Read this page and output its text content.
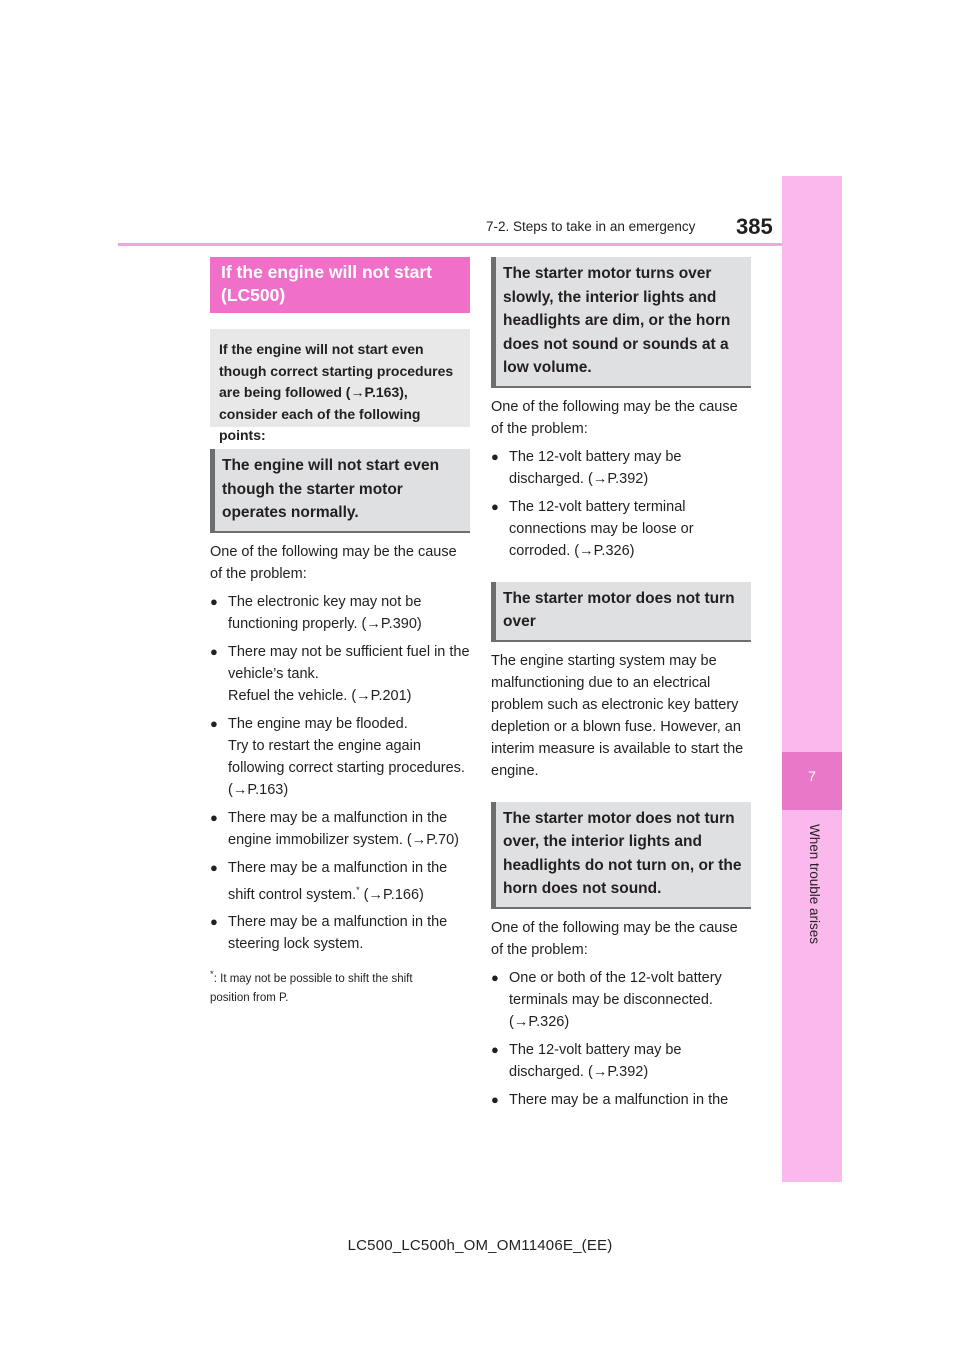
7
When trouble arises
7-2. Steps to take in an emergency 385
If the engine will not start (LC500)
If the engine will not start even though correct starting procedures are being followed (→P.163), consider each of the following points:
The engine will not start even though the starter motor operates normally.
One of the following may be the cause of the problem:
● The electronic key may not be functioning properly. (→P.390)
● There may not be sufficient fuel in the vehicle’s tank.
Refuel the vehicle. (→P.201)
● The engine may be flooded.
Try to restart the engine again following correct starting procedures. (→P.163)
● There may be a malfunction in the engine immobilizer system. (→P.70)
● There may be a malfunction in the shift control system.* (→P.166)
● There may be a malfunction in the steering lock system.
*: It may not be possible to shift the shift
position from P.
The starter motor turns over slowly, the interior lights and headlights are dim, or the horn does not sound or sounds at a low volume.
One of the following may be the cause of the problem:
● The 12-volt battery may be discharged. (→P.392)
● The 12-volt battery terminal connections may be loose or corroded. (→P.326)
The starter motor does not turn over
The engine starting system may be malfunctioning due to an electrical problem such as electronic key battery depletion or a blown fuse. However, an interim measure is available to start the engine.
The starter motor does not turn over, the interior lights and headlights do not turn on, or the horn does not sound.
One of the following may be the cause of the problem:
● One or both of the 12-volt battery terminals may be disconnected. (→P.326)
● The 12-volt battery may be discharged. (→P.392)
● There may be a malfunction in the
LC500_LC500h_OM_OM11406E_(EE)
